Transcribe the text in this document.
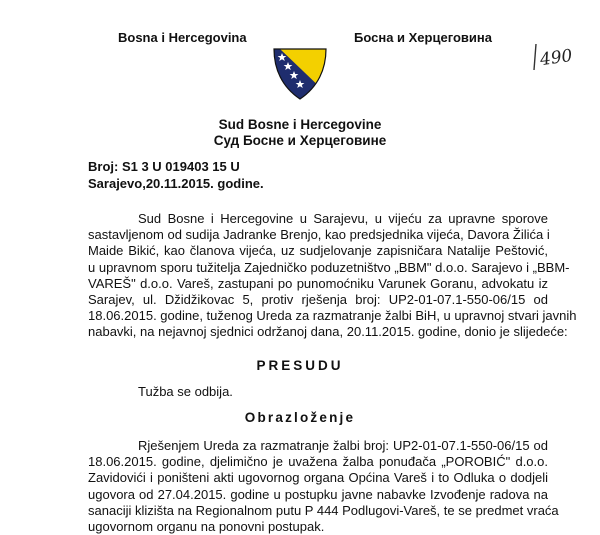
Bosna i Hercegovina	Босна и Херцеговина
490
Sud Bosne i Hercegovine
Суд Босне и Херцеговине
Broj: S1 3 U 019403 15 U
Sarajevo,20.11.2015. godine.
Sud Bosne i Hercegovine u Sarajevu, u vijeću za upravne sporove
sastavljenom od sudija Jadranke Brenjo, kao predsjednika vijeća, Davora Žilića i
Maide Bikić, kao članova vijeća, uz sudjelovanje zapisničara Natalije Peštović,
u upravnom sporu tužitelja Zajedničko poduzetništvo „BBM" d.o.o. Sarajevo i „BBM-
VAREŠ" d.o.o. Vareš, zastupani po punomoćniku Varunek Goranu, advokatu iz
Sarajev, ul. Džidžikovac 5, protiv rješenja broj: UP2-01-07.1-550-06/15 od
18.06.2015. godine, tuženog Ureda za razmatranje žalbi BiH, u upravnoj stvari javnih
nabavki, na nejavnoj sjednici održanoj dana, 20.11.2015. godine, donio je slijedeće:
PRESUDU
Tužba se odbija.
Obrazloženje
Rješenjem Ureda za razmatranje žalbi broj: UP2-01-07.1-550-06/15 od
18.06.2015. godine, djelimično je uvažena žalba ponuđača „POROBIĆ" d.o.o.
Zavidovići i poništeni akti ugovornog organa Općina Vareš i to Odluka o dodjeli
ugovora od 27.04.2015. godine u postupku javne nabavke Izvođenje radova na
sanaciji klizišta na Regionalnom putu P 444 Podlugovi-Vareš, te se predmet vraća
ugovornom organu na ponovni postupak.
